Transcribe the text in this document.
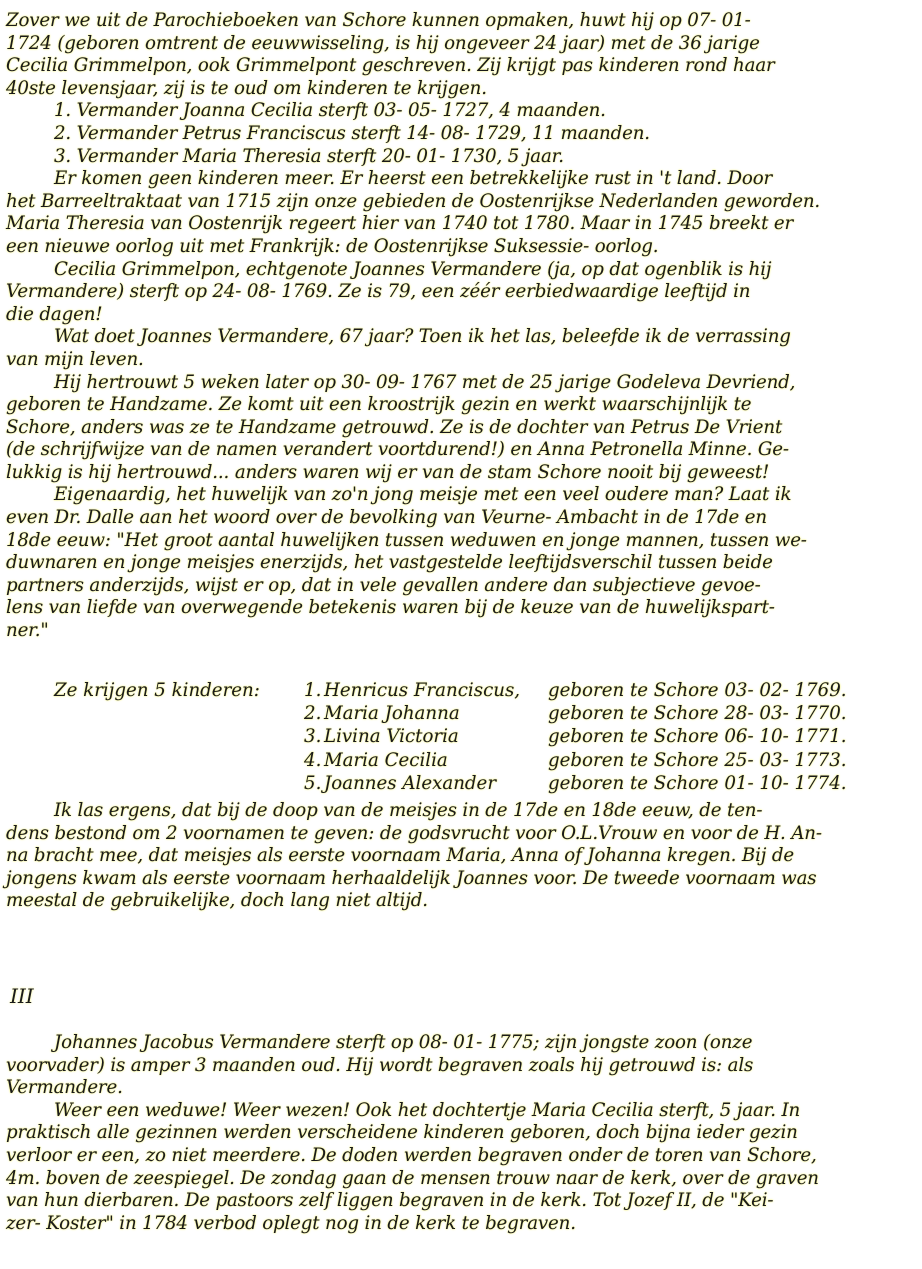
Zover we uit de Parochieboeken van Schore kunnen opmaken, huwt hij op 07- 01-
1724 (geboren omtrent de eeuwwisseling, is hij ongeveer 24 jaar) met de 36 jarige
Cecilia Grimmelpon, ook Grimmelpont geschreven. Zij krijgt pas kinderen rond haar
40ste levensjaar, zij is te oud om kinderen te krijgen.
1. Vermander Joanna Cecilia sterft 03- 05- 1727, 4 maanden.
2. Vermander Petrus Franciscus sterft 14- 08- 1729, 11 maanden.
3. Vermander Maria Theresia sterft 20- 01- 1730, 5 jaar.
Er komen geen kinderen meer. Er heerst een betrekkelijke rust in 't land. Door
het Barreeltraktaat van 1715 zijn onze gebieden de Oostenrijkse Nederlanden geworden.
Maria Theresia van Oostenrijk regeert hier van 1740 tot 1780. Maar in 1745 breekt er
een nieuwe oorlog uit met Frankrijk: de Oostenrijkse Suksessie- oorlog.
Cecilia Grimmelpon, echtgenote Joannes Vermandere (ja, op dat ogenblik is hij
Vermandere) sterft op 24- 08- 1769. Ze is 79, een zéér eerbiedwaardige leeftijd in
die dagen!
Wat doet Joannes Vermandere, 67 jaar? Toen ik het las, beleefde ik de verrassing
van mijn leven.
Hij hertrouwt 5 weken later op 30- 09- 1767 met de 25 jarige Godeleva Devriend,
geboren te Handzame. Ze komt uit een kroostrijk gezin en werkt waarschijnlijk te
Schore, anders was ze te Handzame getrouwd. Ze is de dochter van Petrus De Vrient
(de schrijfwijze van de namen verandert voortdurend!) en Anna Petronella Minne. Ge-
lukkig is hij hertrouwd... anders waren wij er van de stam Schore nooit bij geweest!
Eigenaardig, het huwelijk van zo'n jong meisje met een veel oudere man? Laat ik
even Dr. Dalle aan het woord over de bevolking van Veurne- Ambacht in de 17de en
18de eeuw: "Het groot aantal huwelijken tussen weduwen en jonge mannen, tussen we-
duwnaren en jonge meisjes enerzijds, het vastgestelde leeftijdsverschil tussen beide
partners anderzijds, wijst er op, dat in vele gevallen andere dan subjectieve gevoe-
lens van liefde van overwegende betekenis waren bij de keuze van de huwelijkspart-
ner."
Ze krijgen 5 kinderen: 1. Henricus Franciscus, geboren te Schore 03- 02- 1769.
2. Maria Johanna	geboren te Schore 28- 03- 1770.
3. Livina Victoria	geboren te Schore 06- 10- 1771.
4. Maria Cecilia	geboren te Schore 25- 03- 1773.
5. Joannes Alexander	geboren te Schore 01- 10- 1774.
Ik las ergens, dat bij de doop van de meisjes in de 17de en 18de eeuw, de ten-
dens bestond om 2 voornamen te geven: de godsvrucht voor O.L.Vrouw en voor de H. An-
na bracht mee, dat meisjes als eerste voornaam Maria, Anna of Johanna kregen. Bij de
jongens kwam als eerste voornaam herhaaldelijk Joannes voor. De tweede voornaam was
meestal de gebruikelijke, doch lang niet altijd.
III
Johannes Jacobus Vermandere sterft op 08- 01- 1775; zijn jongste zoon (onze
voorvader) is amper 3 maanden oud. Hij wordt begraven zoals hij getrouwd is: als
Vermandere.
Weer een weduwe! Weer wezen! Ook het dochtertje Maria Cecilia sterft, 5 jaar. In
praktisch alle gezinnen werden verscheidene kinderen geboren, doch bijna ieder gezin
verloor er een, zo niet meerdere. De doden werden begraven onder de toren van Schore,
4m. boven de zeespiegel. De zondag gaan de mensen trouw naar de kerk, over de graven
van hun dierbaren. De pastoors zelf liggen begraven in de kerk. Tot Jozef II, de "Kei-
zer- Koster" in 1784 verbod oplegt nog in de kerk te begraven.
